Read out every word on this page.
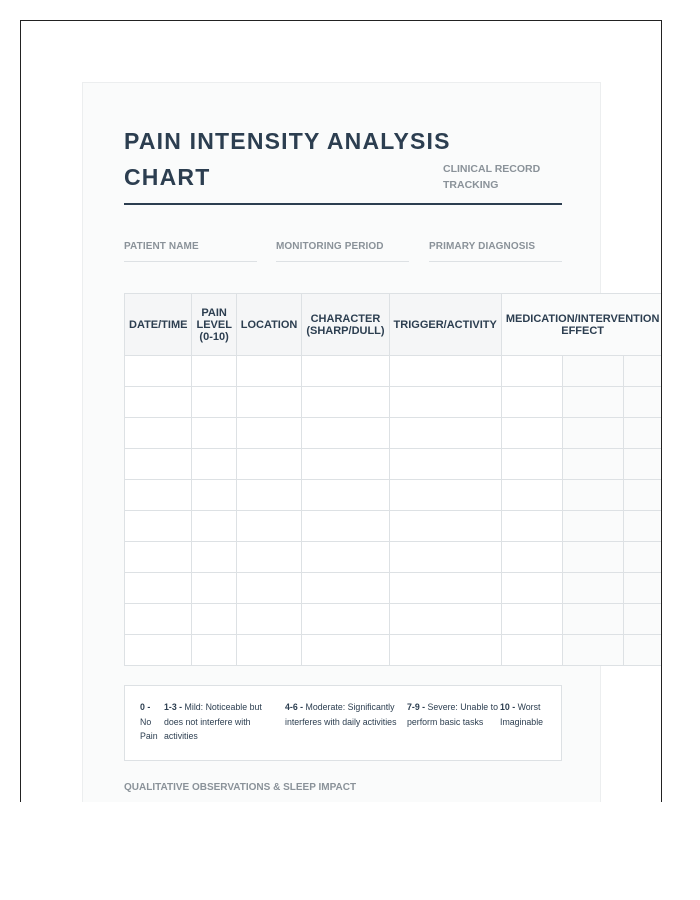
PAIN INTENSITY ANALYSIS CHART	CLINICAL RECORD TRACKING
PATIENT NAME	MONITORING PERIOD	PRIMARY DIAGNOSIS
DATE/TIME	PAIN LEVEL (0-10)	LOCATION	CHARACTER (SHARP/DULL)	TRIGGER/ACTIVITY	MEDICATION/INTERVENTION EFFECT		

0 - No Pain
1-3 - Mild: Noticeable but does not interfere with activities
4-6 - Moderate: Significantly interferes with daily activities
7-9 - Severe: Unable to perform basic tasks
10 - Worst Imaginable
QUALITATIVE OBSERVATIONS & SLEEP IMPACT
